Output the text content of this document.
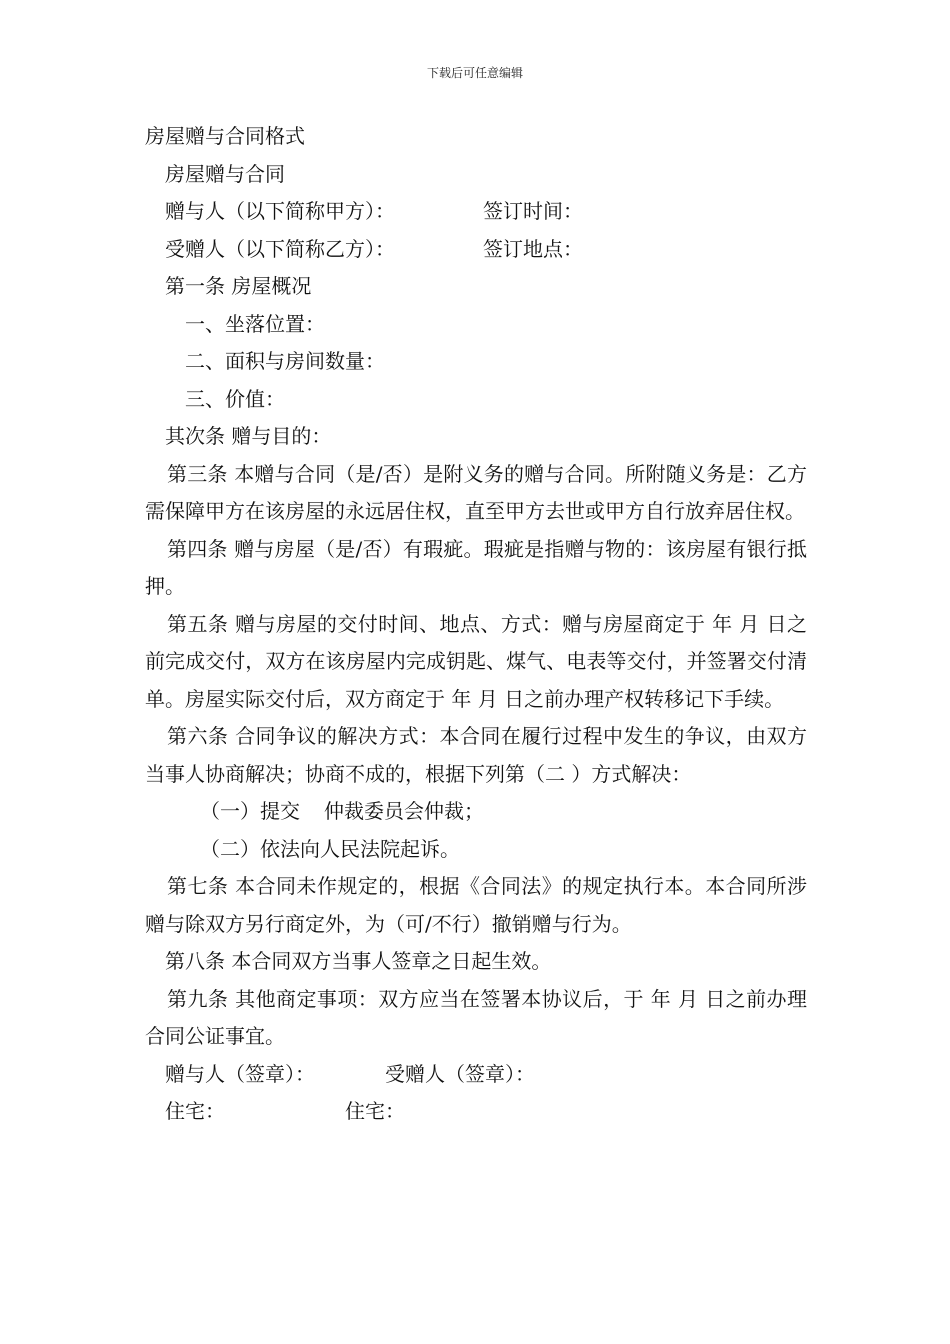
下载后可任意编辑

房屋赠与合同格式

房屋赠与合同

赠与人（以下简称甲方）：	签订时间：

受赠人（以下简称乙方）：	签订地点：

第一条 房屋概况

一、坐落位置：

二、面积与房间数量：

三、价值：

其次条 赠与目的：

第三条 本赠与合同（是/否）是附义务的赠与合同。所附随义务是：乙方需保障甲方在该房屋的永远居住权，直至甲方去世或甲方自行放弃居住权。

第四条 赠与房屋（是/否）有瑕疵。瑕疵是指赠与物的：该房屋有银行抵押。

第五条 赠与房屋的交付时间、地点、方式：赠与房屋商定于 年 月 日之前完成交付，双方在该房屋内完成钥匙、煤气、电表等交付，并签署交付清单。房屋实际交付后，双方商定于 年 月 日之前办理产权转移记下手续。

第六条 合同争议的解决方式：本合同在履行过程中发生的争议，由双方当事人协商解决；协商不成的，根据下列第（二 ）方式解决：

（一）提交 仲裁委员会仲裁；

（二）依法向人民法院起诉。

第七条 本合同未作规定的，根据《合同法》的规定执行本。本合同所涉赠与除双方另行商定外，为（可/不行）撤销赠与行为。

第八条 本合同双方当事人签章之日起生效。

第九条 其他商定事项：双方应当在签署本协议后，于 年 月 日之前办理合同公证事宜。

赠与人（签章）：	受赠人（签章）：

住宅：	住宅：
